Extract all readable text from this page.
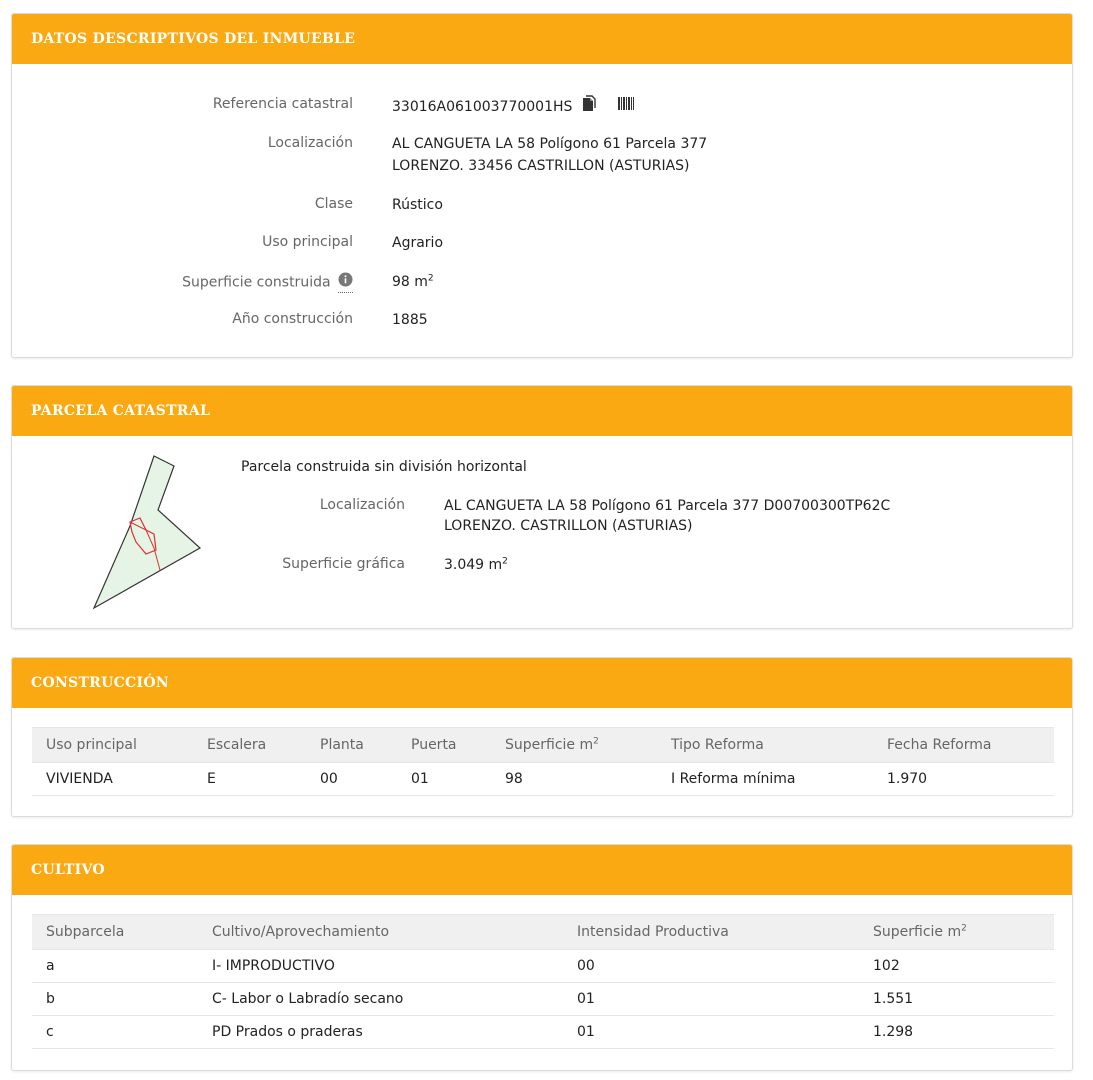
DATOS DESCRIPTIVOS DEL INMUEBLE
Referencia catastral	33016A061003770001HS
Localización	AL CANGUETA LA 58 Polígono 61 Parcela 377
LORENZO. 33456 CASTRILLON (ASTURIAS)
Clase	Rústico
Uso principal	Agrario
Superficie construida	98 $m^2$
Año construcción	1885
PARCELA CATASTRAL
Parcela construida sin división horizontal
Localización	AL CANGUETA LA 58 Polígono 61 Parcela 377 D00700300TP62C
LORENZO. CASTRILLON (ASTURIAS)
Superficie gráfica	3.049 $m^2$
CONSTRUCCIÓN
Uso principal	Escalera	Planta	Puerta	Superficie $m^2$	Tipo Reforma	Fecha Reforma
VIVIENDA	E	00	01	98	I Reforma mínima	1.970
CULTIVO
Subparcela	Cultivo/Aprovechamiento	Intensidad Productiva	Superficie $m^2$
a	I- IMPRODUCTIVO	00	102
b	C- Labor o Labradío secano	01	1.551
c	PD Prados o praderas	01	1.298
